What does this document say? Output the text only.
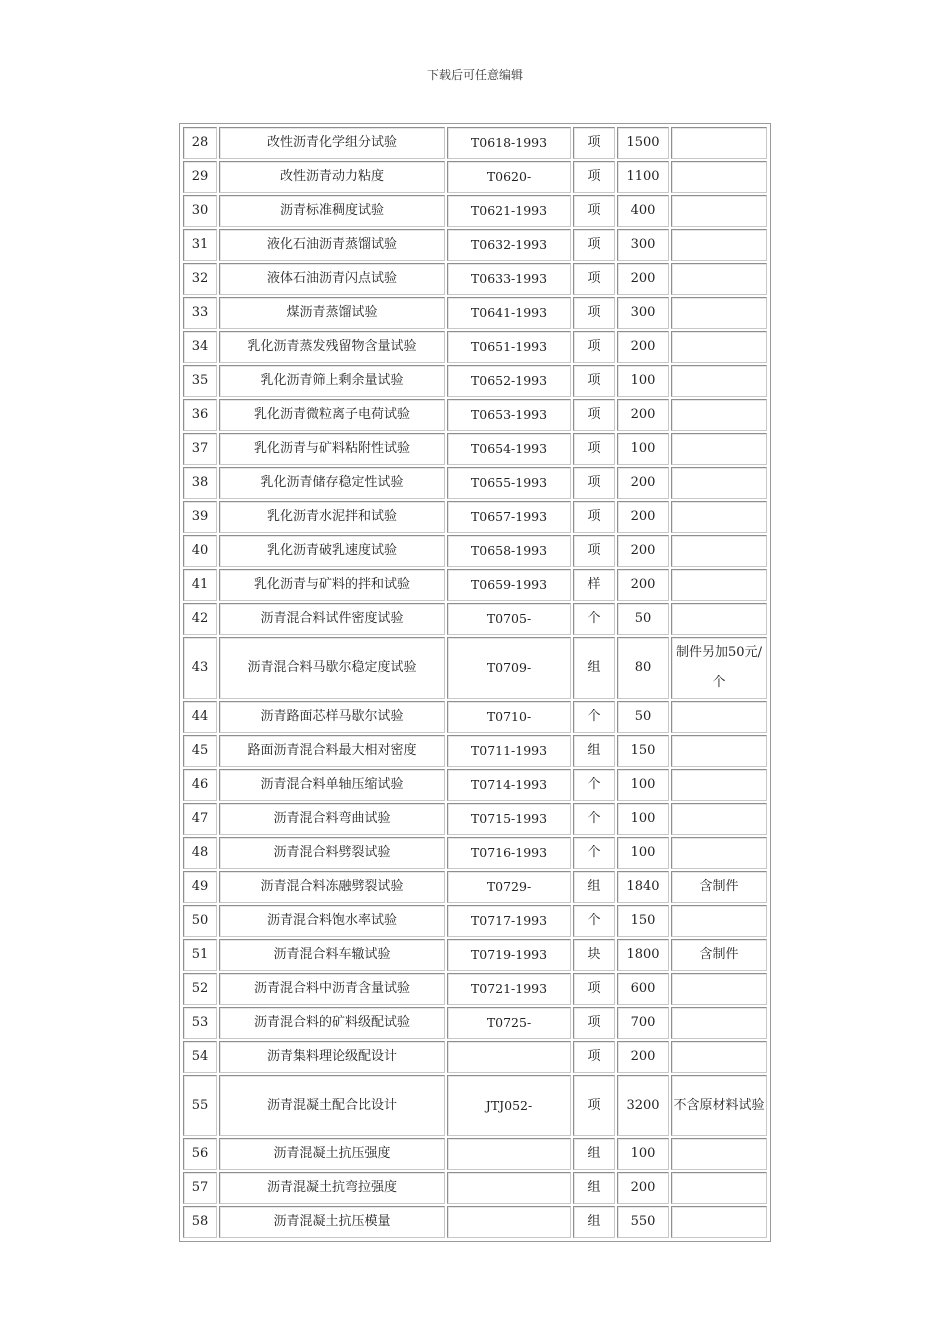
下载后可任意编辑
28	改性沥青化学组分试验	T0618-1993	项	1500	
29	改性沥青动力粘度	T0620-	项	1100	
30	沥青标准稠度试验	T0621-1993	项	400	
31	液化石油沥青蒸馏试验	T0632-1993	项	300	
32	液体石油沥青闪点试验	T0633-1993	项	200	
33	煤沥青蒸馏试验	T0641-1993	项	300	
34	乳化沥青蒸发残留物含量试验	T0651-1993	项	200	
35	乳化沥青筛上剩余量试验	T0652-1993	项	100	
36	乳化沥青微粒离子电荷试验	T0653-1993	项	200	
37	乳化沥青与矿料粘附性试验	T0654-1993	项	100	
38	乳化沥青储存稳定性试验	T0655-1993	项	200	
39	乳化沥青水泥拌和试验	T0657-1993	项	200	
40	乳化沥青破乳速度试验	T0658-1993	项	200	
41	乳化沥青与矿料的拌和试验	T0659-1993	样	200	
42	沥青混合料试件密度试验	T0705-	个	50	
43	沥青混合料马歇尔稳定度试验	T0709-	组	80	制件另加50元/个
44	沥青路面芯样马歇尔试验	T0710-	个	50	
45	路面沥青混合料最大相对密度	T0711-1993	组	150	
46	沥青混合料单轴压缩试验	T0714-1993	个	100	
47	沥青混合料弯曲试验	T0715-1993	个	100	
48	沥青混合料劈裂试验	T0716-1993	个	100	
49	沥青混合料冻融劈裂试验	T0729-	组	1840	含制件
50	沥青混合料饱水率试验	T0717-1993	个	150	
51	沥青混合料车辙试验	T0719-1993	块	1800	含制件
52	沥青混合料中沥青含量试验	T0721-1993	项	600	
53	沥青混合料的矿料级配试验	T0725-	项	700	
54	沥青集料理论级配设计		项	200	
55	沥青混凝土配合比设计	JTJ052-	项	3200	不含原材料试验
56	沥青混凝土抗压强度		组	100	
57	沥青混凝土抗弯拉强度		组	200	
58	沥青混凝土抗压模量		组	550	
